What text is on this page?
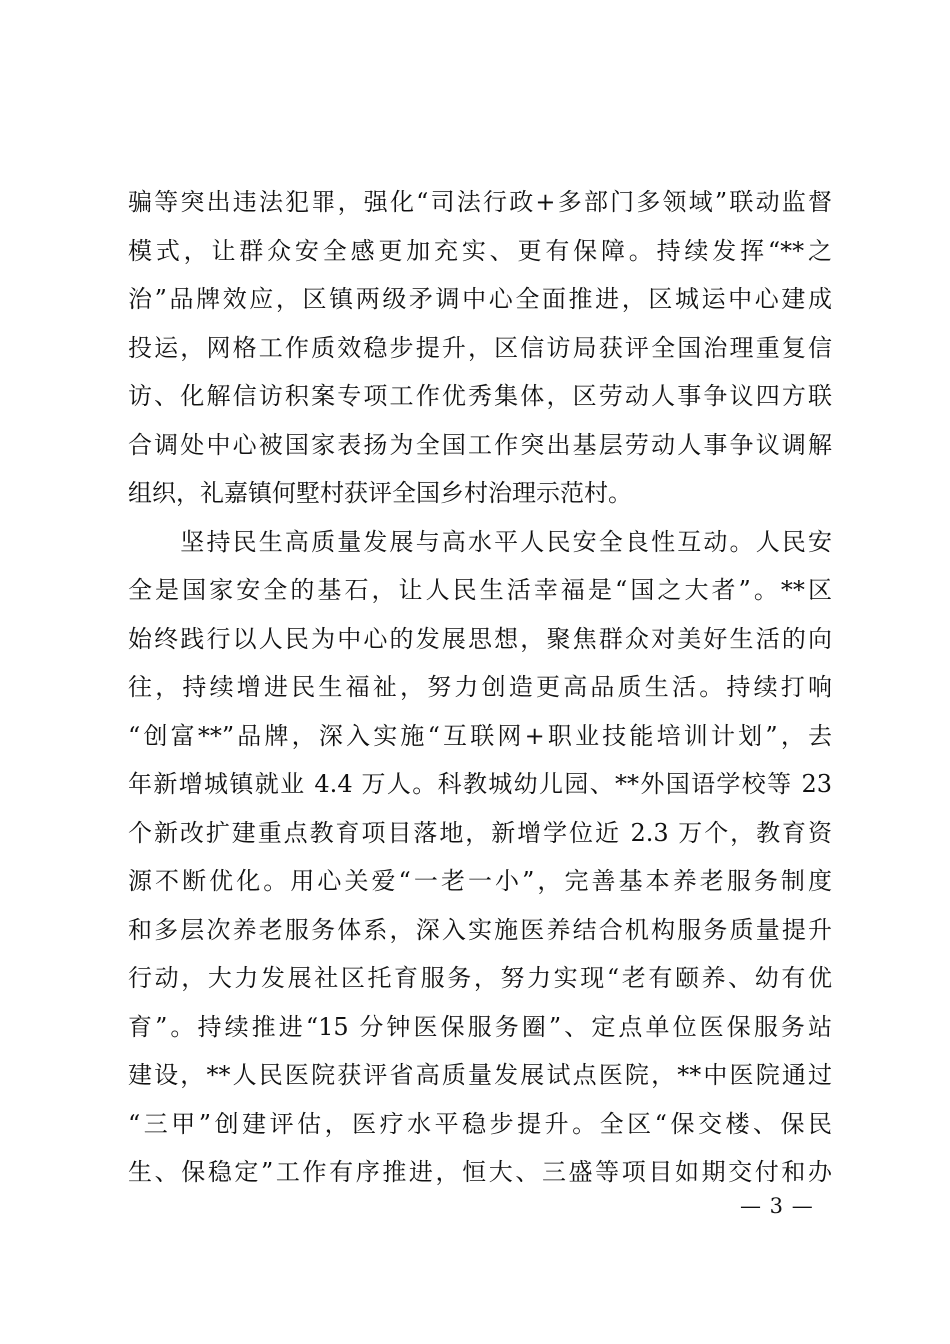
骗等突出违法犯罪，强化“司法行政+多部门多领域”联动监督
模式，让群众安全感更加充实、更有保障。持续发挥“**之
治”品牌效应，区镇两级矛调中心全面推进，区城运中心建成
投运，网格工作质效稳步提升，区信访局获评全国治理重复信
访、化解信访积案专项工作优秀集体，区劳动人事争议四方联
合调处中心被国家表扬为全国工作突出基层劳动人事争议调解
组织，礼嘉镇何墅村获评全国乡村治理示范村。
　　坚持民生高质量发展与高水平人民安全良性互动。人民安
全是国家安全的基石，让人民生活幸福是“国之大者”。**区
始终践行以人民为中心的发展思想，聚焦群众对美好生活的向
往，持续增进民生福祉，努力创造更高品质生活。持续打响
“创富**”品牌，深入实施“互联网+职业技能培训计划”，去
年新增城镇就业 4.4 万人。科教城幼儿园、**外国语学校等 23
个新改扩建重点教育项目落地，新增学位近 2.3 万个，教育资
源不断优化。用心关爱“一老一小”，完善基本养老服务制度
和多层次养老服务体系，深入实施医养结合机构服务质量提升
行动，大力发展社区托育服务，努力实现“老有颐养、幼有优
育”。持续推进“15 分钟医保服务圈”、定点单位医保服务站
建设，**人民医院获评省高质量发展试点医院，**中医院通过
“三甲”创建评估，医疗水平稳步提升。全区“保交楼、保民
生、保稳定”工作有序推进，恒大、三盛等项目如期交付和办
— 3 —
